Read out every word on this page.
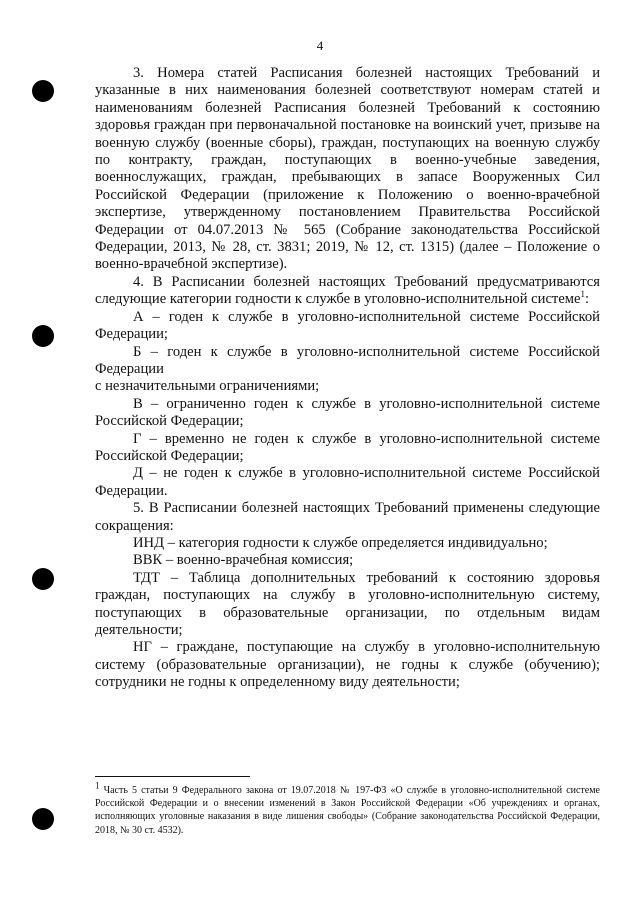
4

3. Номера статей Расписания болезней настоящих Требований и указанные в них наименования болезней соответствуют номерам статей и наименованиям болезней Расписания болезней Требований к состоянию здоровья граждан при первоначальной постановке на воинский учет, призыве на военную службу (военные сборы), граждан, поступающих на военную службу по контракту, граждан, поступающих в военно-учебные заведения, военнослужащих, граждан, пребывающих в запасе Вооруженных Сил Российской Федерации (приложение к Положению о военно-врачебной экспертизе, утвержденному постановлением Правительства Российской Федерации от 04.07.2013 № 565 (Собрание законодательства Российской Федерации, 2013, № 28, ст. 3831; 2019, № 12, ст. 1315) (далее – Положение о военно-врачебной экспертизе).

4. В Расписании болезней настоящих Требований предусматриваются следующие категории годности к службе в уголовно-исполнительной системе$^1$:

А – годен к службе в уголовно-исполнительной системе Российской Федерации;

Б – годен к службе в уголовно-исполнительной системе Российской Федерации

с незначительными ограничениями;

В – ограниченно годен к службе в уголовно-исполнительной системе Российской Федерации;

Г – временно не годен к службе в уголовно-исполнительной системе Российской Федерации;

Д – не годен к службе в уголовно-исполнительной системе Российской Федерации.

5. В Расписании болезней настоящих Требований применены следующие сокращения:

ИНД – категория годности к службе определяется индивидуально;

ВВК – военно-врачебная комиссия;

ТДТ – Таблица дополнительных требований к состоянию здоровья граждан, поступающих на службу в уголовно-исполнительную систему, поступающих в образовательные организации, по отдельным видам деятельности;

НГ – граждане, поступающие на службу в уголовно-исполнительную систему (образовательные организации), не годны к службе (обучению); сотрудники не годны к определенному виду деятельности;

$^1$ Часть 5 статьи 9 Федерального закона от 19.07.2018 № 197-ФЗ «О службе в уголовно-исполнительной системе Российской Федерации и о внесении изменений в Закон Российской Федерации «Об учреждениях и органах, исполняющих уголовные наказания в виде лишения свободы» (Собрание законодательства Российской Федерации, 2018, № 30 ст. 4532).
